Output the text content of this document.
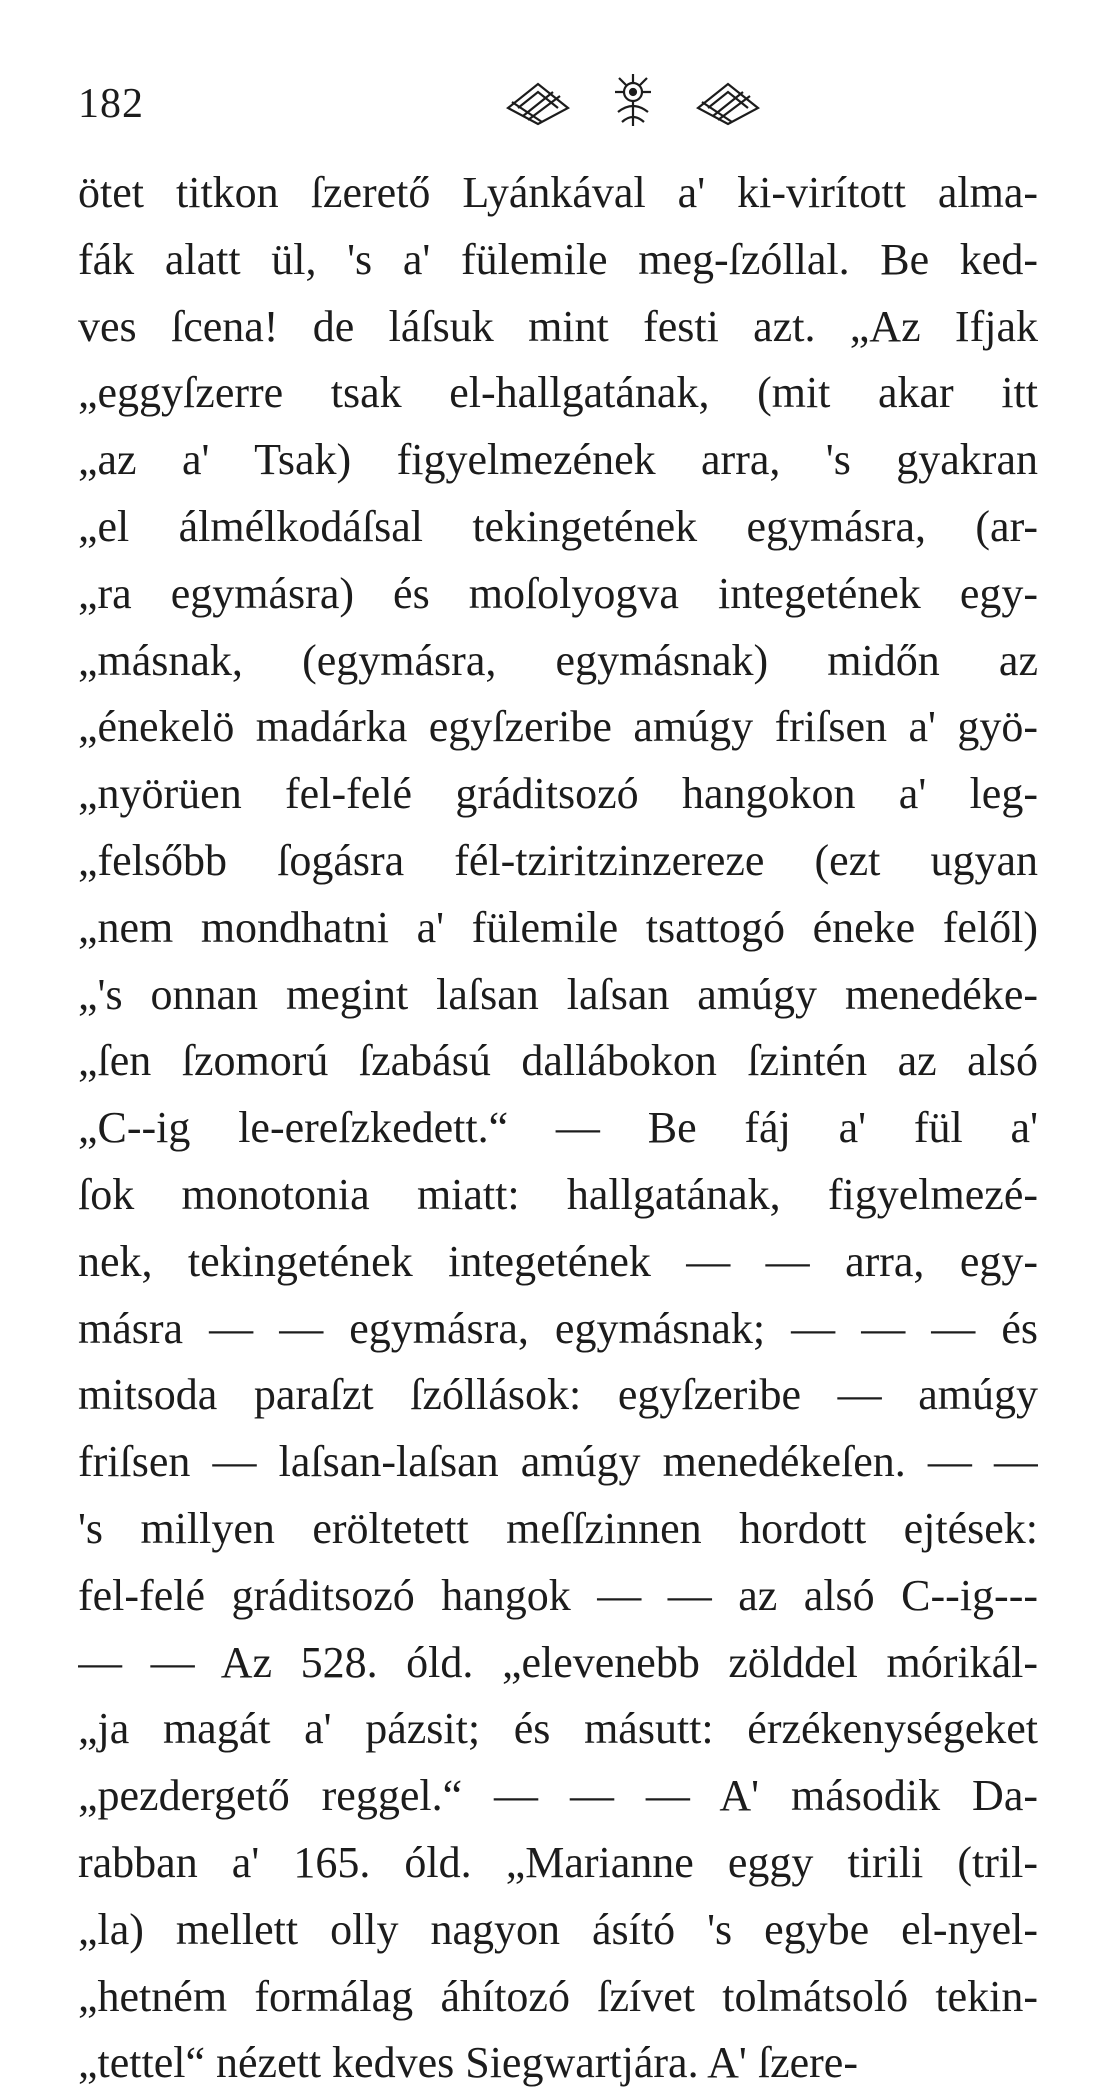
182
ötet titkon ſzerető Lyánkával a' ki-virított alma-
fák alatt ül, 's a' fülemile meg-ſzóllal. Be ked-
ves ſcena! de láſsuk mint festi azt. „Az Ifjak
„eggyſzerre tsak el-hallgatának, (mit akar itt
„az a' Tsak) figyelmezének arra, 's gyakran
„el álmélkodáſsal tekingetének egymásra, (ar-
„ra egymásra) és moſolyogva integetének egy-
„másnak, (egymásra, egymásnak) midőn az
„énekelö madárka egyſzeribe amúgy friſsen a' gyö-
„nyörüen fel-felé gráditsozó hangokon a' leg-
„felsőbb ſogásra fél-tziritzinzereze (ezt ugyan
„nem mondhatni a' fülemile tsattogó éneke felől)
„'s onnan megint laſsan laſsan amúgy menedéke-
„ſen ſzomorú ſzabású dallábokon ſzintén az alsó
„C--ig le-ereſzkedett.“ — Be fáj a' fül a'
ſok monotonia miatt: hallgatának, figyelmezé-
nek, tekingetének integetének — — arra, egy-
másra — — egymásra, egymásnak; — — — és
mitsoda paraſzt ſzóllások: egyſzeribe — amúgy
friſsen — laſsan-laſsan amúgy menedékeſen. — —
's millyen eröltetett meſſzinnen hordott ejtések:
fel-felé gráditsozó hangok — — az alsó C--ig---
— — Az 528. óld. „elevenebb zölddel mórikál-
„ja magát a' pázsit; és másutt: érzékenységeket
„pezdergető reggel.“ — — — A' második Da-
rabban a' 165. óld. „Marianne eggy tirili (tril-
„la) mellett olly nagyon ásító 's egybe el-nyel-
„hetném formálag áhítozó ſzívet tolmátsoló tekin-
„tettel“ nézett kedves Siegwartjára. A' ſzere-
